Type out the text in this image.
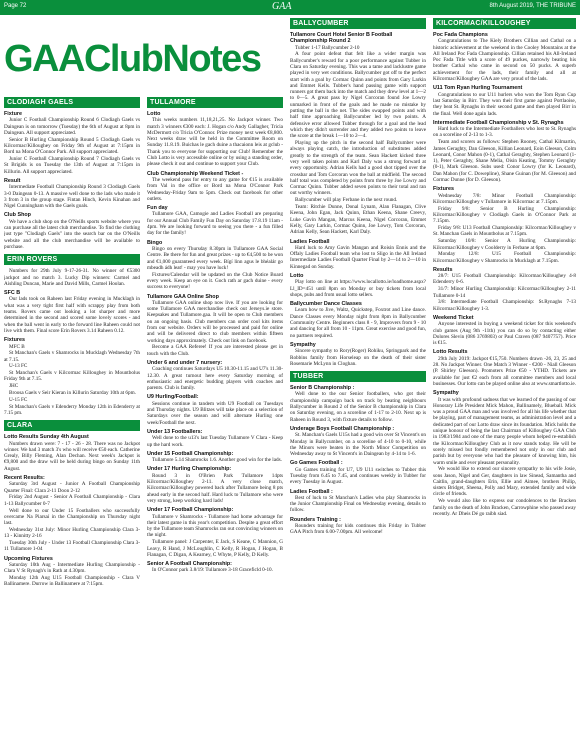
Page 72	GAA	8th August 2019, THE TRIBUNE
GAAClubNotes
CLODIAGH GAELS
Fixture

Junior C Football Championship Round 6 Clodiagh Gaels vs Daingean is on tomorrow (Tuesday) the 6th of August at 8pm in Daingean. All support appreciated.

Senior B Hurling Championship Round 5 Clodiagh Gaels vs Kilcormac/Killoughey on Friday 9th of August at 7:15pm in Bord na Mona O'Connor Park. All support appreciated.

Junior C Football Championship Round 7 Clodiagh Gaels vs St Brigids is on Tuesday the 13th of August at 7:15pm in Killurin. All support appreciated.

Result

Intermediate Football Championship Round 3 Clodiagh Gaels 3-0 Daingean 0-13. A massive well done to the lads who made it 3 from 3 in the group stage. Fintan Hinch, Kevin Kinahan and Nigel Cunningham with the Gaels goals.

Club Shop

We have a club shop on the O'Neills sports website where you can purchase all the latest club merchandise. To find the clothing just type "Clodiagh Gaels" into the search bar on the O'Neills website and all the club merchandise will be available to purchase.

ERIN ROVERS

Numbers for 29th July 9-17-26-31. No winner of €5300 jackpot and no match 3. Lucky Dip winners: Carmel and Aishling Duncan, Marie and David Mills, Carmel Hoolan.

SFC B

Our lads took on Raheen last Friday evening in Mucklagh in what was a very tight first half with scrappy play from both teams. Rovers came out looking a lot sharper and more determined in the second and scored some lovely scores - and when the ball went in early to the forward line Raheen could not live with them. Final score Erin Rovers 3.14 Raheen 0.12.

Fixtures

MFC B

St Manchan's Gaels v Shamrocks in Mucklagh Wednesday 7th at 7.15.

U-13 FC

St Manchan's Gaels v Kilcormac Killoughey in Mountbolus Friday 9th at 7.15.

JHC

Broosa Gaels v Seir Kieran in Killurin Saturday 10th at 6pm.

U-15 FC

St Manchan's Gaels v Edenderry Monday 12th in Edenderry at 7.15 pm.

CLARA
Lotto Results Sunday 4th August

Numbers drawn were: 7 - 17 - 26 - 28. There was no Jackpot winner. We had 3 match 3's who will receive €50 each. Catherine Grealy, Billy Fleming, Alan Dechan. Next week's Jackpot is €9,800 and the draw will be held during bingo on Sunday 11th August.

Recent Results:

Saturday 3rd August - Junior A Football Championship Quarter Final: Clara 2-11 Doon 2-12

Friday 2nd August - Senior A Football Championship - Clara 1-13 Ballycumber 0-7

Well done to our Under 15 Footballers who successfully overcame Na Piarsaí in the Championship on Thursday night last.

Wednesday 31st July: Minor Hurling Championship Clara 3-13 - Kinnitty 2-16

Tuesday 30th July - Under 13 Football Championship Clara 3-11 Tullamore 1-04

Upcoming Fixtures

Saturday 10th Aug - Intermediate Hurling Championship - Clara V St Rynagh's in Rath at 4.30pm.

Monday 12th Aug U15 Football Championship - Clara V Ballinamere. Durrow in Ballinamere at 7:15pm.

TULLAMORE
Lotto

This weeks numbers 11,18,21,25. No Jackpot winner. Two match 3 winners €300 each: J. Hogan c/o Andy Gallagher, Tricia McDermott c/o Tricia O'Connor. Prize money next week €8,800. Next weeks draw will be held in the Committee Room on Sunday 11.8.19. Buichas le gach duine a thacaionn leis at gclub - Thank you to everyone for supporting our Club! Remember the Club Lotto is very accessible online or by using a standing order, please check it out and continue to support your Club.

Club Championship Weekend Ticket -

The weekend pass for entry to any game for €15 is available from Val in the office or Bord na Mona O'Connor Park Wednesday-Friday 9am to 5pm. Check out facebook for other outlets.

Fun day

Tullamore GAA, Camogie and Ladies Football are preparing for our Annual Club Family Fun Day on Saturday 17.8.19 11am - 4pm. We are looking forward to seeing you there - a fun filled day for the family!

Bingo

Bingo on every Thursday 8.30pm in Tullamore GAA Social Centre. Be there for fun and great prizes - up to €4,500 to be won and €1,000 guaranteed every week. Bígí linn agus le bhéalár go mbeadh ádh leat! - may you have luck!

Fixtures/Calendar will be updated on the Club Notice Board every week. Keep an eye on it. Goch rath ar gach duine - every success to everyone!

Tullamore GAA Online Shop

Tullamore GAA online shop now live. If you are looking for some Tullamore GAA merchandise check out Jerseys.ie store. Keepsakes and Tullamore.gaa. It will be open to Club members on an ongoing basis. Club members can order cool kits items from our website. Orders will be processed and paid for online and will be delivered direct to club members within fifteen working days approximately. Check out link on facebook.

Become a GAA Referee! If you are interested please get in touch with the Club.

Under 6 and under 7 nursery:

Coaching continues Saturdays U5 10.30-11.15 and U7's 11.30-12.30. A great turnout here every Saturday morning of enthusiastic and energetic budding players with coaches and parents. Club is family.

U9 Hurling/Football:

Sessions continue in tandem with U9 Football on Tuesdays and Thursday nights. U9 Blitzes will take place on a selection of Saturdays over the season and will alternate Hurling one week/Football the next.

Under 13 Footballers:

Well done to the u13's last Tuesday Tullamore V Clara - Keep up the hard work.

Under 15 Football Championship:

Tullamore 5.14 Shamrocks 1.6. Another good win for the lads.

Under 17 Hurling Championship:

Round 3 in O'Brien Park Tullamore 14pts Kilcormac/Killoughey 2-11. A very close match, Kilcormac/Killoughey powered back after Tullamore being 8 pts ahead early in the second half. Hard luck to Tullamore who were very strong, keep working hard lads!

Under 17 Football Championship:

Tullamore v Shamrocks - Tullamore had home advantage for their latest game in this year's competition. Despite a great effort by the Tullamore team Shamrocks ran out convincing winners on the night.

Tullamore panel: J Carpenter, E Jack, S Keane, C Mannion, G Leavy, R Hand, J McLoughlin, C Kelly, R Hogan, J Hogan, B Flanagan, C Digan, A Kearney, C Whyte, P Kelly, D Kelly.

Senior A Football Championship:

In O'Connor park 3.8/19: Tullamore 3-18 Graceficld 0-10.

BALLYCUMBER
Tullamore Court Hotel Senior B Football Championship Round 2

Tubber 1-17 Ballycumber 2-10

A four point defeat that felt like a wider margin was Ballycumber's reward for a poor performance against Tubber in Clara on Saturday evening. This was a tame and lacklustre game played in very wet conditions. Ballycumber got off to the perfect start with a goal by Cormac Quinn and points from Gary Larkin and Emmet Kells. Tubber's hand passing game with support runners got them back into the match and they drew level at 1—2 to 0—5. A great pass by Nigel Corcoran found Joe Lowry unmarked in front of the goals and he made no mistake by putting the ball in the net. The sides swapped points and with half time approaching Ballycumber led by two points. A defensive error allowed Tubber through for a goal and the lead which they didn't surrender and they added two points to leave the score at the break 1—10 to 2—4.

Playing up the pitch in the second half Ballycumber were always playing catch, the introduction of substitutes added greatly to the strength of the team. Sean Hackett kicked three very well taken points and Karl Daly was a strong forward at every opportunity. Adrian Kells had a good shot tipped over the crossbar and Tom Corcoran won the ball at midfield. The second half total was completed by points from three by Joe Lowry and Cormac Quinn. Tubber added seven points to their total and ran out worthy winners.

Ballycumber will play Ferbane in the next round.

Team: Ritchie Dunne, Donal Lynam, Alan Flanagan, Clive Keena, John Egan, Jack Quinn, Ethan Keena, Shane Creevy, Luke Gavin Mangan, Marcus Keena, Nigel Corcoran, Emmet Kelly, Gary Larkin, Cormac Quinn, Joe Lowry, Tom Corcoran, Adrian Kelly, Sean Hackett, Karl Daly.

Ladies Football

Hard luck to Amy Gavin Mangan and Roisin Ennis and the Offaly Ladies Football team who lost to Sligo in the All Ireland Intermediate Ladies Football Quarter Final by 2—14 to 2—10 in Kinnegad on Sunday.

Lotto

Play lotto on line at https://www.locallotto.ie/loadhome.aspx?Ll_ID=451 until 8pm on Monday or buy tickets from local shops, pubs and from usual lotto sellers.

Ballycumber Dance Classes

Learn how to Jive, Waltz, Quickstep, Foxtrot and Line dance. Dance Classes every Monday night from 8pm in Ballycumber Community Centre. Beginners class 8 - 9, Improvers from 9 - 10 and dancing for all from 10 - 11pm. Great exercise and good fun, no partners required.

Sympathy

Sincere sympathy to Rory(Roger) Rohiku, Springpark and the Robbins family from Horseleap on the death of their sister Rosemarie McLynn in Cloghan.

TUBBER
Senior B Championship :

Well done to the our Senior footballers, who got their championship campaign back on track by beating neighbours Ballycumber in Round 2 of the Senior B championship in Clara on Saturday evening, on a scoreline of 1-17 to 2-10. Next up is Raheen in Round 3, with fixture details to follow.

Underage Boys Football Championship :

St. Manchan's Gaels U15s had a good win over St Vincent's on Monday in Ballycumber, on a scoreline of 4-10 to 0-10, while the Minors were beaten in the North Minor Competition on Wednesday away to St Vincent's in Daingean by 4-14 to 1-6.

Go Games Football :

Go Games training for U7, U9 U11 switches to Tubber this Tuesday from 6.45 to 7.45, and continues weekly in Tubber for every Tuesday in August.

Ladies Football :

Best of luck to St Manchan's Ladies who play Shamrocks in the Junior Championship Final on Wednesday evening, details to follow.

Rounders Training :

Rounders training for kids continues this Friday in Tubber GAA Pitch from 6.00-7.00pm. All welcome!

KILCORMAC/KILLOUGHEY
Poc Fada Champions

Congratulations to The Kiely Brothers Cillian and Cathal on a historic achievement at the weekend in the Cooley Mountains at the All Ireland Poc Fada Championship. Cillian retained his All-Ireland Poc Fada Title with a score of 49 puckes, narrowly beating his brother Cathal who came in second on 50 pucks. A superb achievement for the lads, their family and all at Kilcormac/Killoughey GAA are very proud of the lads.

U11 Tom Ryan Hurling Tournament

Congratulations to our U11 hurlers who won the Tom Ryan Cup last Saturday in Birr. They won their first game against Portlaoise, they beat St. Rynaghs in their second game and then played Birr in the final. Well done again lads.

Intermediate Football Championship v St. Rynaghs

Hard luck to the Intermediate Footballers who lost to St. Rynaghs on a scoreline of 2-13 to 1-3.

Team and scorers as follows: Stephen Rooney, Cathal Kilmartin, James Geraghty, Dan Gleeson, Killian Leonard, Eoin Gleeson, Colm Leonard, Conor Mahon (0-1), Cathal Geraghty, Stephen Leonard (1-1), Peter Geraghty, Shane Melia, Oisin Keating, Tommy Geraghty (0-1), Mark Gleeson. Subs used: Conor Lowry (for K. Leonard), Dan Mahon (for C. Dowepline), Shane Guinan (for M. Gleeson) and Cormac Dunne (for D. Gleeson).

Fixtures

Wednesday 7/8: Minor Football Championship: Kilcormac/Killoughey v Tullamore in Kilcormac at 7.15pm.

Friday 9/8: Senior B Hurling Championship: Kilcormac/Killoughey v Clodiagh Gaels in O'Connor Park at 7.15pm.

Friday 9/8: U13 Football Championship: Kilcormac/Killoughey v St. Manchan Gaels in Mountbolus at 7.15pm.

Saturday 10/8: Senior A Hurling Championship: Kilcormac/Killoughey v Coolderry in Ferbane at 6pm.

Monday 12/8: U15 Football Championship: Kilcormac/Killoughey v Shamrocks in Mucklagh at 7.15pm.

Results

28/7: U15 Football Championship: Kilcormac/Killoughey 4-8 Edenderry 0-6.

31/7: Minor Hurling Championship: Kilcormac/Killoughey 2-11 Tullamore 0-14

3/8: Intermediate Football Championship: St.Rynaghs 7-13 Kilcormac/Killoughey 1-3.

Weekend Ticket

Anyone interested in buying a weekend ticket for this weekend's club games (Aug 9th -11th) you can do so by contacting either Dolores Slevin (086 3769803) or Paul Craven (087 9407757). Price is €15.

Lotto Results

29th July 2019: Jackpot €15,750. Numbers drawn -26, 23, 25 and 28. No Jackpot Winner. One Match 3 Winner - €200 - Niall Gleeson (P. Shirley Gleeson). Promoters Prize €50 - YTHD. Tickets are available for just €2 each from all committee members and local businesses. Our lotto can be played online also at www.smartlotto.ie.

Sympathy

It was with profound sadness that we learned of the passing of our Honorary Life President Mick Mahon, Ballinamely, Blueball. Mick was a proud GAA man and was involved for all his life whether that be playing, part of management teams, as administration level and a dedicated part of our Lotto draw since its foundation. Mick holds the unique honour of being the last Chairman of Killoughey GAA Club in 1983/1984 and one of the many people whom helped re-establish the Kilcormac/Killoughey Club as it now stands today. He will be sorely missed but fondly remembered not only in our club and parish but by everyone who had the pleasure of knowing him, his warm smile and ever pleasant personality.

We would like to extend our sincere sympathy to his wife Josie, sons Jason, Nigel and Ger, daughters in law Sinead, Samantha and Caitlin, grand-daughters Erin, Ellie and Aimee, brothers Philip, sisters Bridget, Sheena, Polly and Mary, extended family and wide circle of friends.

We would also like to express our condolences to the Bracken family on the death of John Bracken, Carrowphine who passed away recently. Ar Dheis Dé go raibh siad.
